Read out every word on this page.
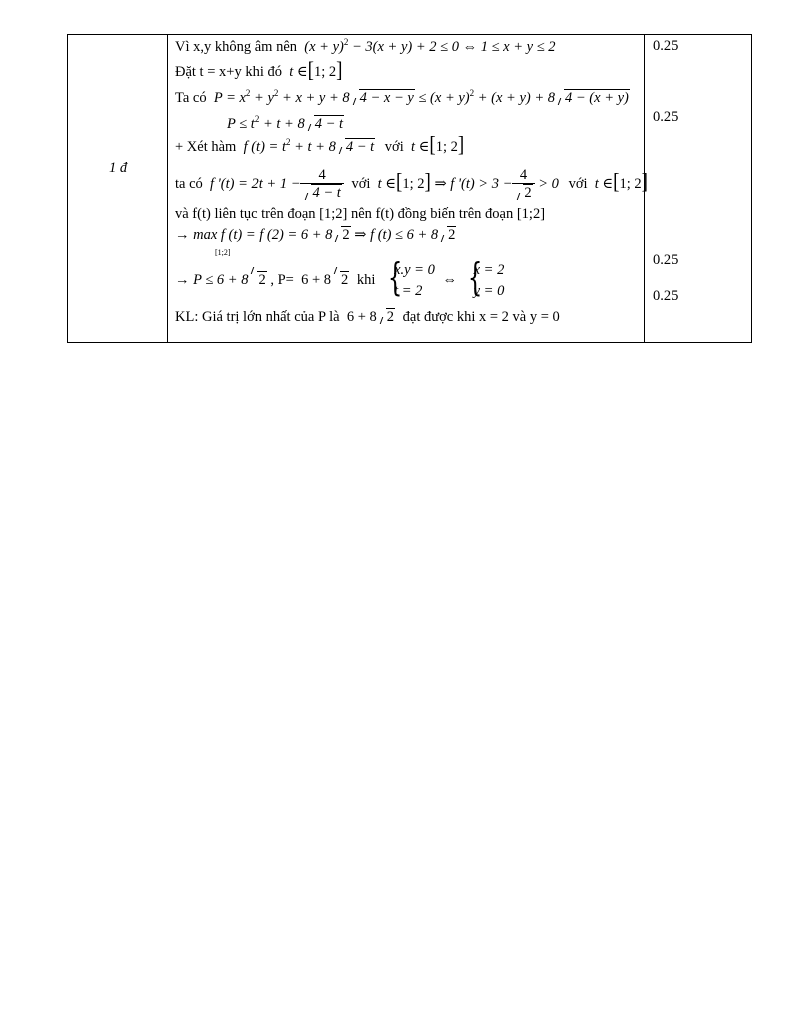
1 đ
Vì x,y không âm nên  $(x + y)^2 - 3(x + y) + 2 \le 0$ ⇔ 1 ≤ x + y ≤ 2
Đặt t = x+y khi đó  t ∈[1; 2]
Ta có  $P = x^2 + y^2 + x + y + 8$ $4 - x - y \le (x + y)^2 + (x + y) + 8$ 4 − (x + y)
$P \le t^2 + t + 8$ 4 − t
+ Xét hàm  f $(t) = t^2 + t + 8$ 4 − t với  t ∈[1; 2]
ta có  f '$(t) = 2t + 1 - \frac{4}{4 - t}$ với  t ∈[1; 2] ⇒ f '$(t) > 3 - \frac{4}{2} > 0$ với  t ∈[1; 2]
và f(t) liên tục trên đoạn [1;2] nên f(t) đồng biến trên đoạn [1;2]
→ max f (t) = f (2) = 6 + 8 2 ⇒ f (t) ≤ 6 + 8 2
[1;2]
→ P ≤ 6 + 8 2 , P=  6 + 8 2 khi
{ x.y = 0
t = 2
⇔
{ x = 2
y = 0
KL: Giá trị lớn nhất của P là  6 + 8 2 đạt được khi x = 2 và y = 0
0.25
0.25
0.25
0.25
